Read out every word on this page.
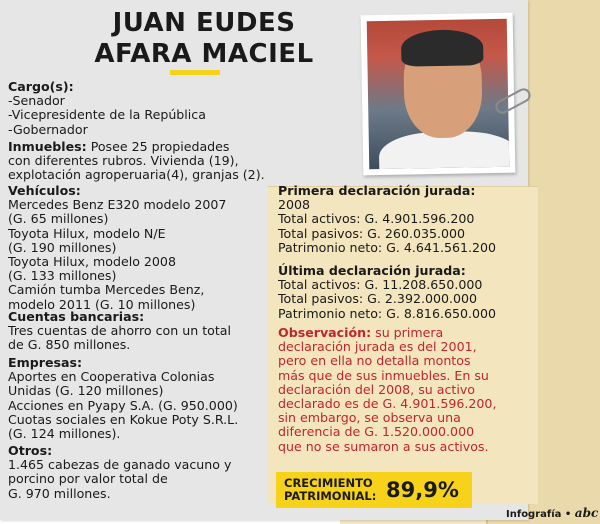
JUAN EUDES
AFARA MACIEL
Cargo(s):
-Senador
-Vicepresidente de la República
-Gobernador
Inmuebles: Posee 25 propiedades
con diferentes rubros. Vivienda (19),
explotación agroperuaria(4), granjas (2).
Vehículos:
Mercedes Benz E320 modelo 2007
(G. 65 millones)
Toyota Hilux, modelo N/E
(G. 190 millones)
Toyota Hilux, modelo 2008
(G. 133 millones)
Camión tumba Mercedes Benz,
modelo 2011 (G. 10 millones)
Cuentas bancarias:
Tres cuentas de ahorro con un total
de G. 850 millones.
Empresas:
Aportes en Cooperativa Colonias
Unidas (G. 120 millones)
Acciones en Pyapy S.A. (G. 950.000)
Cuotas sociales en Kokue Poty S.R.L.
(G. 124 millones).
Otros:
1.465 cabezas de ganado vacuno y
porcino por valor total de
G. 970 millones.
Primera declaración jurada:
2008
Total activos: G. 4.901.596.200
Total pasivos: G. 260.035.000
Patrimonio neto: G. 4.641.561.200
Última declaración jurada:
Total activos: G. 11.208.650.000
Total pasivos: G. 2.392.000.000
Patrimonio neto: G. 8.816.650.000
Observación: su primera
declaración jurada es del 2001,
pero en ella no detalla montos
más que de sus inmuebles. En su
declaración del 2008, su activo
declarado es de G. 4.901.596.200,
sin embargo, se observa una
diferencia de G. 1.520.000.000
que no se sumaron a sus activos.
CRECIMIENTO
PATRIMONIAL: 89,9%
Infografía • abc
